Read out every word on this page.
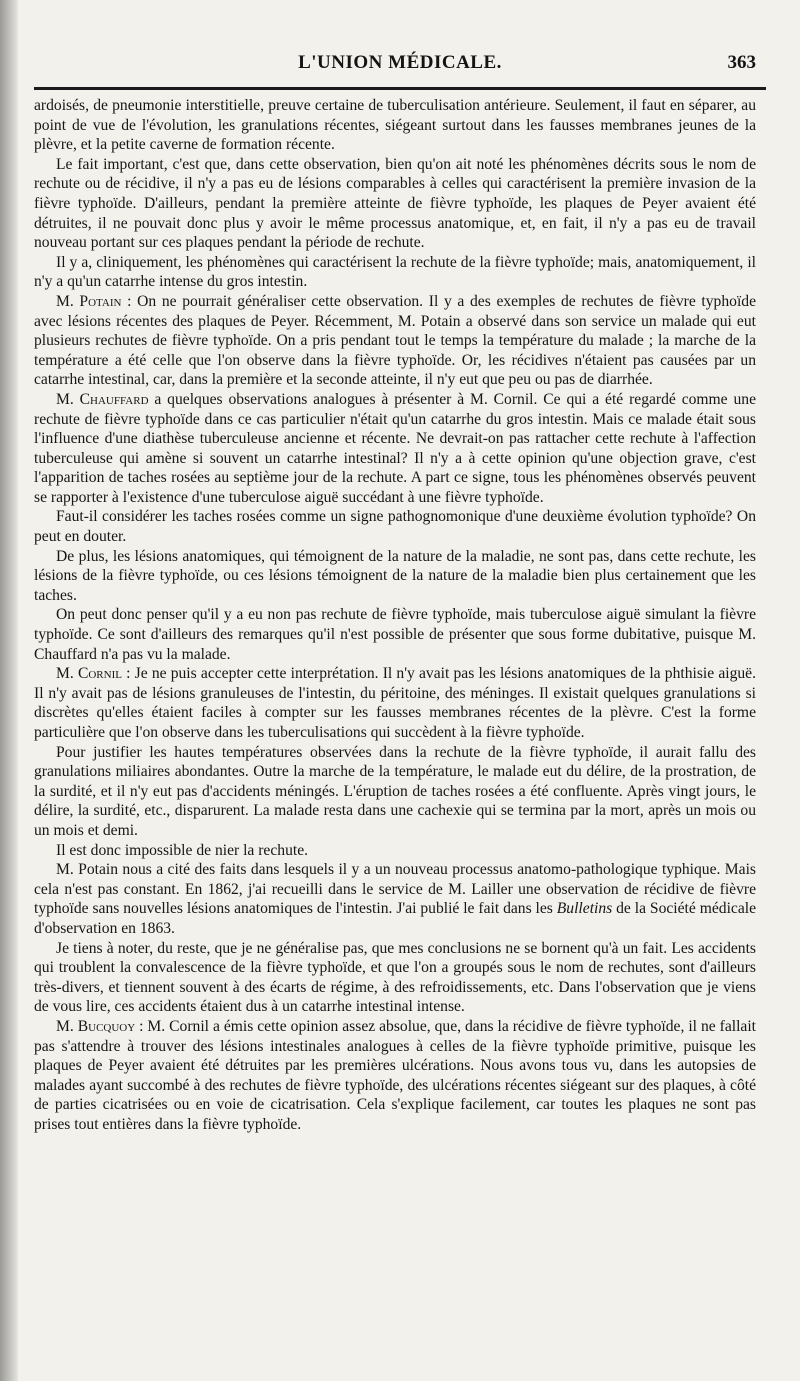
L'UNION MÉDICALE.	363

ardoisés, de pneumonie interstitielle, preuve certaine de tuberculisation antérieure. Seulement, il faut en séparer, au point de vue de l'évolution, les granulations récentes, siégeant surtout dans les fausses membranes jeunes de la plèvre, et la petite caverne de formation récente.

Le fait important, c'est que, dans cette observation, bien qu'on ait noté les phénomènes décrits sous le nom de rechute ou de récidive, il n'y a pas eu de lésions comparables à celles qui caractérisent la première invasion de la fièvre typhoïde. D'ailleurs, pendant la première atteinte de fièvre typhoïde, les plaques de Peyer avaient été détruites, il ne pouvait donc plus y avoir le même processus anatomique, et, en fait, il n'y a pas eu de travail nouveau portant sur ces plaques pendant la période de rechute.

Il y a, cliniquement, les phénomènes qui caractérisent la rechute de la fièvre typhoïde; mais, anatomiquement, il n'y a qu'un catarrhe intense du gros intestin.

M. Potain : On ne pourrait généraliser cette observation. Il y a des exemples de rechutes de fièvre typhoïde avec lésions récentes des plaques de Peyer. Récemment, M. Potain a observé dans son service un malade qui eut plusieurs rechutes de fièvre typhoïde. On a pris pendant tout le temps la température du malade ; la marche de la température a été celle que l'on observe dans la fièvre typhoïde. Or, les récidives n'étaient pas causées par un catarrhe intestinal, car, dans la première et la seconde atteinte, il n'y eut que peu ou pas de diarrhée.

M. Chauffard a quelques observations analogues à présenter à M. Cornil. Ce qui a été regardé comme une rechute de fièvre typhoïde dans ce cas particulier n'était qu'un catarrhe du gros intestin. Mais ce malade était sous l'influence d'une diathèse tuberculeuse ancienne et récente. Ne devrait-on pas rattacher cette rechute à l'affection tuberculeuse qui amène si souvent un catarrhe intestinal? Il n'y a à cette opinion qu'une objection grave, c'est l'apparition de taches rosées au septième jour de la rechute. A part ce signe, tous les phénomènes observés peuvent se rapporter à l'existence d'une tuberculose aiguë succédant à une fièvre typhoïde.

Faut-il considérer les taches rosées comme un signe pathognomonique d'une deuxième évolution typhoïde? On peut en douter.

De plus, les lésions anatomiques, qui témoignent de la nature de la maladie, ne sont pas, dans cette rechute, les lésions de la fièvre typhoïde, ou ces lésions témoignent de la nature de la maladie bien plus certainement que les taches.

On peut donc penser qu'il y a eu non pas rechute de fièvre typhoïde, mais tuberculose aiguë simulant la fièvre typhoïde. Ce sont d'ailleurs des remarques qu'il n'est possible de présenter que sous forme dubitative, puisque M. Chauffard n'a pas vu la malade.

M. Cornil : Je ne puis accepter cette interprétation. Il n'y avait pas les lésions anatomiques de la phthisie aiguë. Il n'y avait pas de lésions granuleuses de l'intestin, du péritoine, des méninges. Il existait quelques granulations si discrètes qu'elles étaient faciles à compter sur les fausses membranes récentes de la plèvre. C'est la forme particulière que l'on observe dans les tuberculisations qui succèdent à la fièvre typhoïde.

Pour justifier les hautes températures observées dans la rechute de la fièvre typhoïde, il aurait fallu des granulations miliaires abondantes. Outre la marche de la température, le malade eut du délire, de la prostration, de la surdité, et il n'y eut pas d'accidents méningés. L'éruption de taches rosées a été confluente. Après vingt jours, le délire, la surdité, etc., disparurent. La malade resta dans une cachexie qui se termina par la mort, après un mois ou un mois et demi.

Il est donc impossible de nier la rechute.

M. Potain nous a cité des faits dans lesquels il y a un nouveau processus anatomo-pathologique typhique. Mais cela n'est pas constant. En 1862, j'ai recueilli dans le service de M. Lailler une observation de récidive de fièvre typhoïde sans nouvelles lésions anatomiques de l'intestin. J'ai publié le fait dans les Bulletins de la Société médicale d'observation en 1863.

Je tiens à noter, du reste, que je ne généralise pas, que mes conclusions ne se bornent qu'à un fait. Les accidents qui troublent la convalescence de la fièvre typhoïde, et que l'on a groupés sous le nom de rechutes, sont d'ailleurs très-divers, et tiennent souvent à des écarts de régime, à des refroidissements, etc. Dans l'observation que je viens de vous lire, ces accidents étaient dus à un catarrhe intestinal intense.

M. Bucquoy : M. Cornil a émis cette opinion assez absolue, que, dans la récidive de fièvre typhoïde, il ne fallait pas s'attendre à trouver des lésions intestinales analogues à celles de la fièvre typhoïde primitive, puisque les plaques de Peyer avaient été détruites par les premières ulcérations. Nous avons tous vu, dans les autopsies de malades ayant succombé à des rechutes de fièvre typhoïde, des ulcérations récentes siégeant sur des plaques, à côté de parties cicatrisées ou en voie de cicatrisation. Cela s'explique facilement, car toutes les plaques ne sont pas prises tout entières dans la fièvre typhoïde.
